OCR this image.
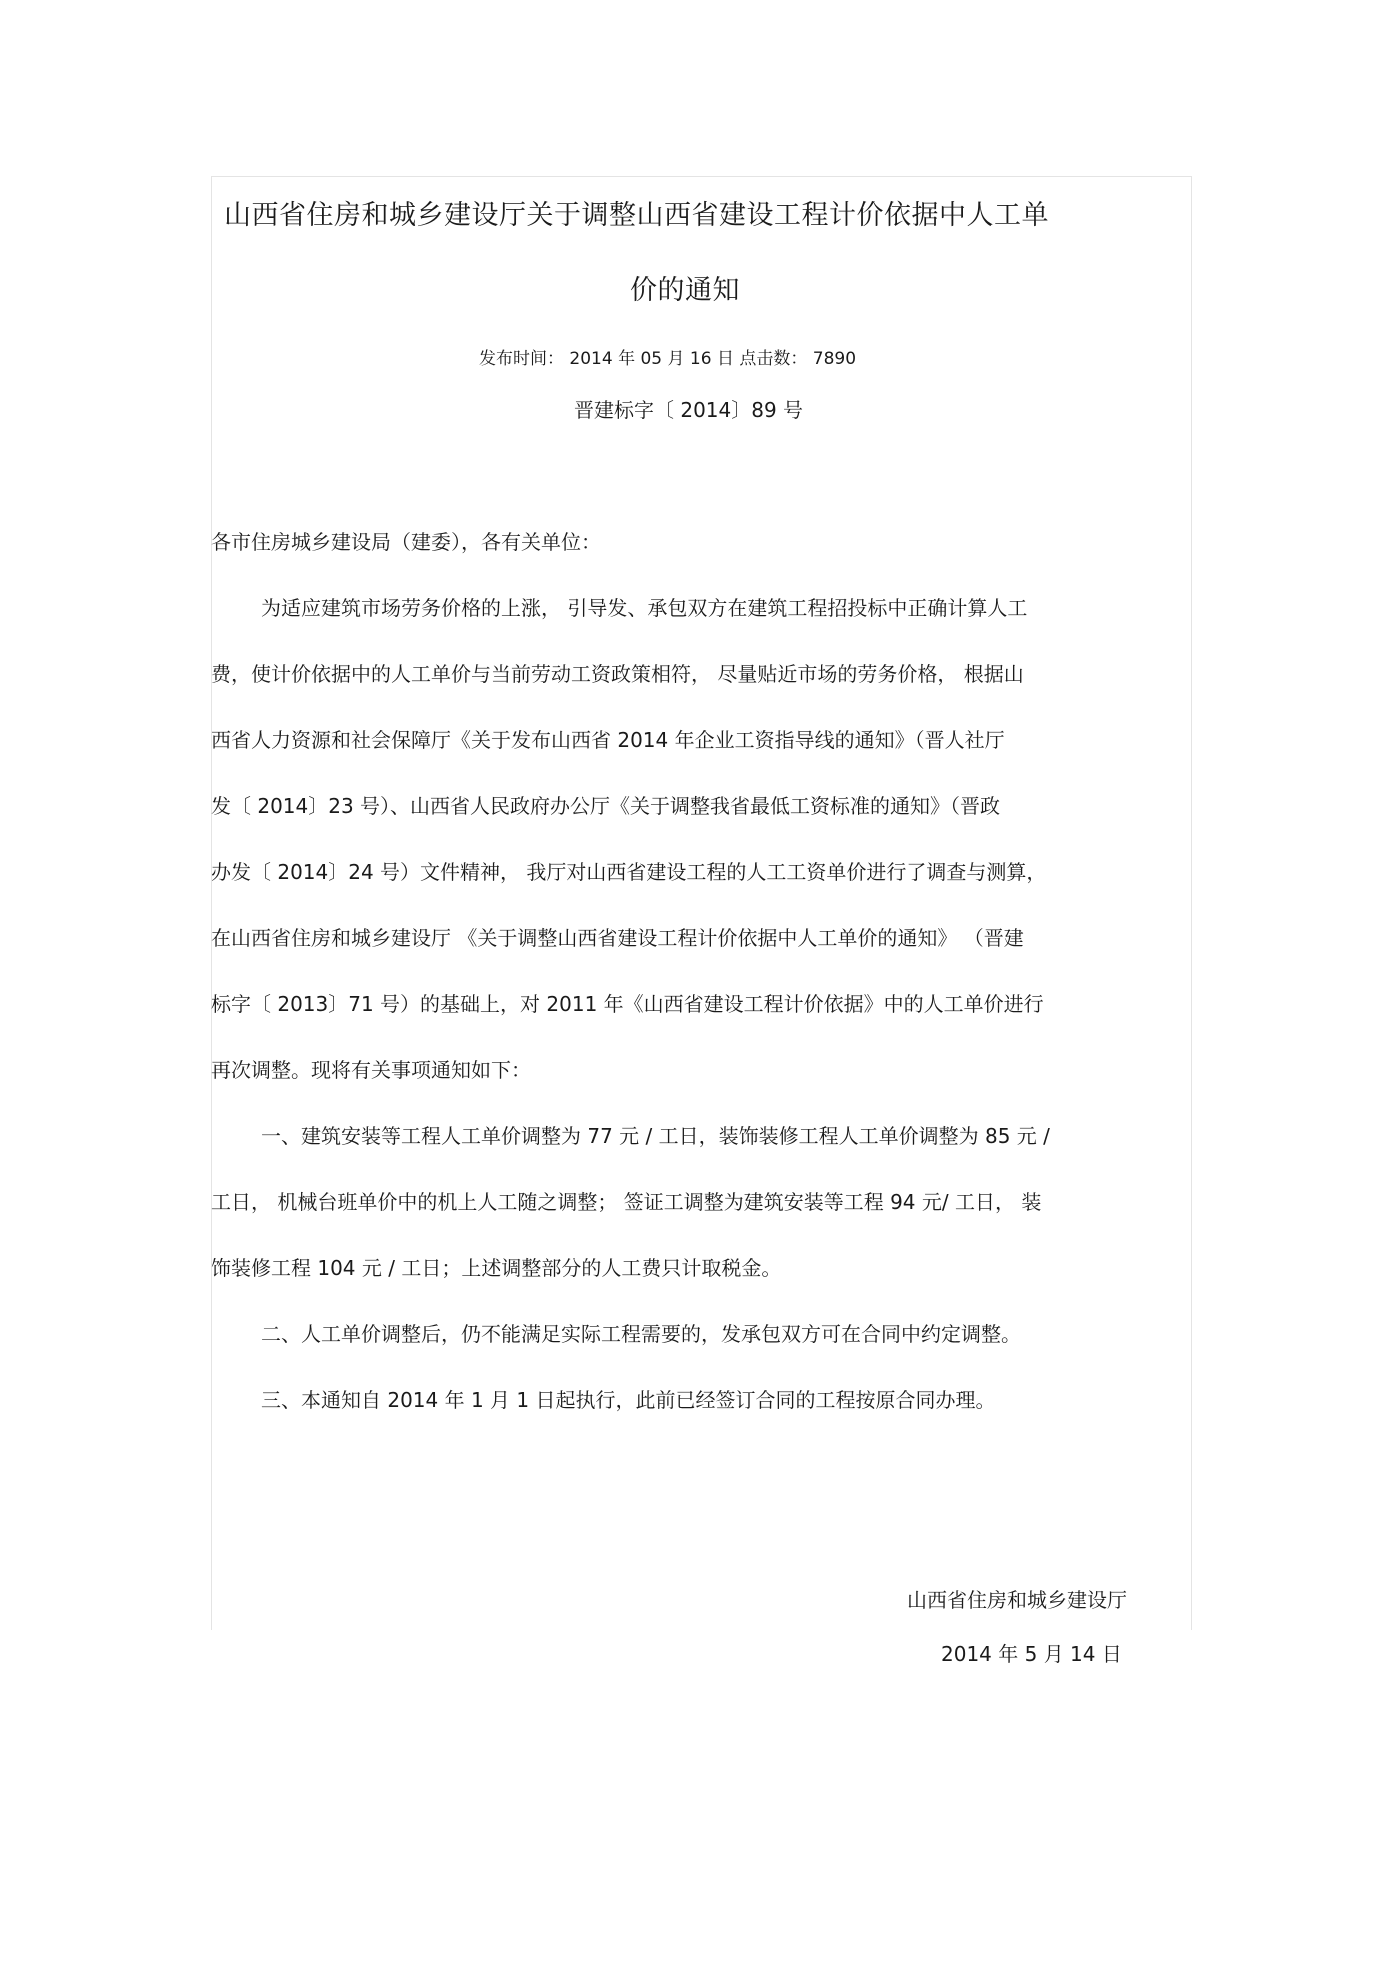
山西省住房和城乡建设厅关于调整山西省建设工程计价依据中人工单
价的通知
发布时间： 2014 年 05 月 16 日 点击数： 7890
晋建标字〔 2014〕89 号
各市住房城乡建设局（建委），各有关单位：
为适应建筑市场劳务价格的上涨， 引导发、承包双方在建筑工程招投标中正确计算人工
费，使计价依据中的人工单价与当前劳动工资政策相符， 尽量贴近市场的劳务价格， 根据山
西省人力资源和社会保障厅《关于发布山西省 2014 年企业工资指导线的通知》（晋人社厅
发〔 2014〕23 号）、山西省人民政府办公厅《关于调整我省最低工资标准的通知》（晋政
办发〔 2014〕24 号）文件精神， 我厅对山西省建设工程的人工工资单价进行了调查与测算，
在山西省住房和城乡建设厅 《关于调整山西省建设工程计价依据中人工单价的通知》 （晋建
标字〔 2013〕71 号）的基础上，对 2011 年《山西省建设工程计价依据》中的人工单价进行
再次调整。现将有关事项通知如下：
一、建筑安装等工程人工单价调整为 77 元 / 工日，装饰装修工程人工单价调整为 85 元 /
工日， 机械台班单价中的机上人工随之调整； 签证工调整为建筑安装等工程 94 元/ 工日， 装
饰装修工程 104 元 / 工日；上述调整部分的人工费只计取税金。
二、人工单价调整后，仍不能满足实际工程需要的，发承包双方可在合同中约定调整。
三、本通知自 2014 年 1 月 1 日起执行，此前已经签订合同的工程按原合同办理。
山西省住房和城乡建设厅
2014 年 5 月 14 日
